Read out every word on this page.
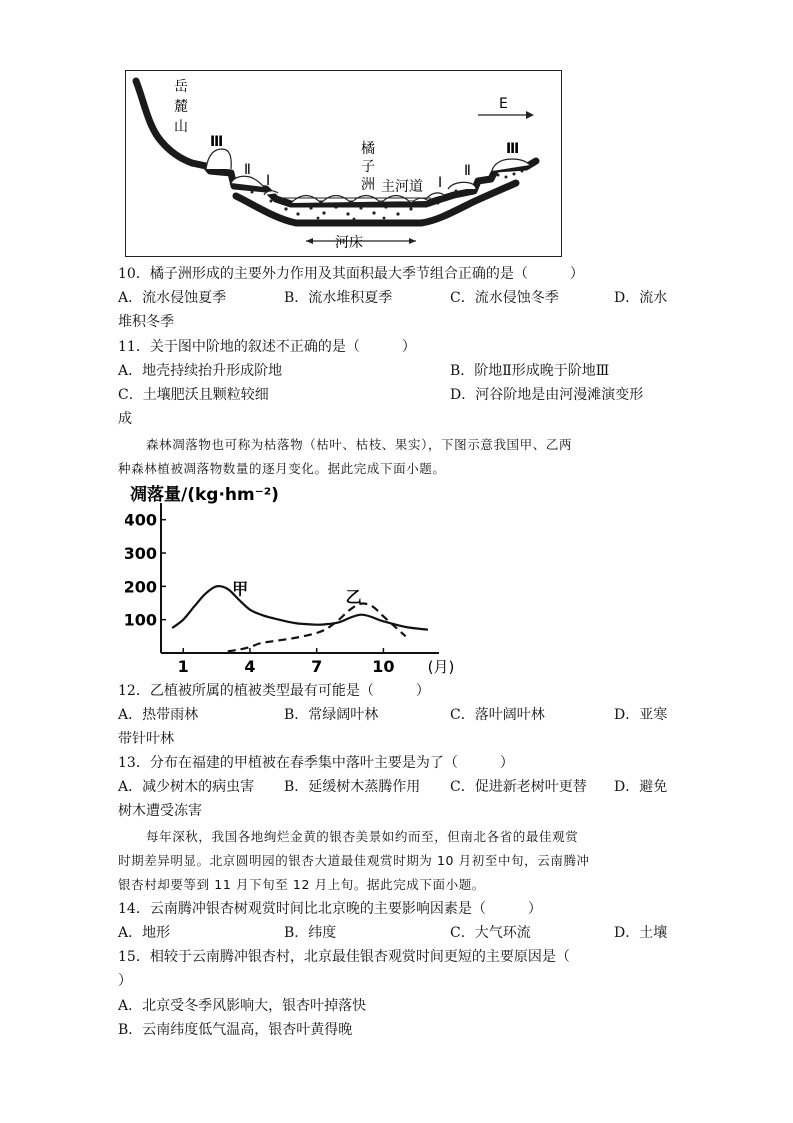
岳
麓
山
E
橘
子
洲 主河道
河床
Ⅲ
Ⅱ
Ⅰ	Ⅰ
Ⅱ
Ⅲ
10．橘子洲形成的主要外力作用及其面积最大季节组合正确的是（　　　）
A．流水侵蚀夏季	B．流水堆积夏季	C．流水侵蚀冬季	D．流水
堆积冬季
11．关于图中阶地的叙述不正确的是（　　　）
A．地壳持续抬升形成阶地	B．阶地Ⅱ形成晚于阶地Ⅲ
C．土壤肥沃且颗粒较细	D．河谷阶地是由河漫滩演变形
成
森林凋落物也可称为枯落物（枯叶、枯枝、果实），下图示意我国甲、乙两
种森林植被凋落物数量的逐月变化。据此完成下面小题。
凋落量/(kg·hm⁻²)
100
200
300
400
1	4	7	10 (月)
甲	乙
12．乙植被所属的植被类型最有可能是（　　　）
A．热带雨林	B．常绿阔叶林	C．落叶阔叶林	D．亚寒
带针叶林
13．分布在福建的甲植被在春季集中落叶主要是为了（　　　）
A．减少树木的病虫害 B．延缓树木蒸腾作用 C．促进新老树叶更替 D．避免
树木遭受冻害
每年深秋，我国各地绚烂金黄的银杏美景如约而至，但南北各省的最佳观赏
时期差异明显。北京圆明园的银杏大道最佳观赏时期为 10 月初至中旬，云南腾冲
银杏村却要等到 11 月下旬至 12 月上旬。据此完成下面小题。
14．云南腾冲银杏树观赏时间比北京晚的主要影响因素是（　　　）
A．地形	B．纬度	C．大气环流	D．土壤
15．相较于云南腾冲银杏村，北京最佳银杏观赏时间更短的主要原因是（
）
A．北京受冬季风影响大，银杏叶掉落快
B．云南纬度低气温高，银杏叶黄得晚
